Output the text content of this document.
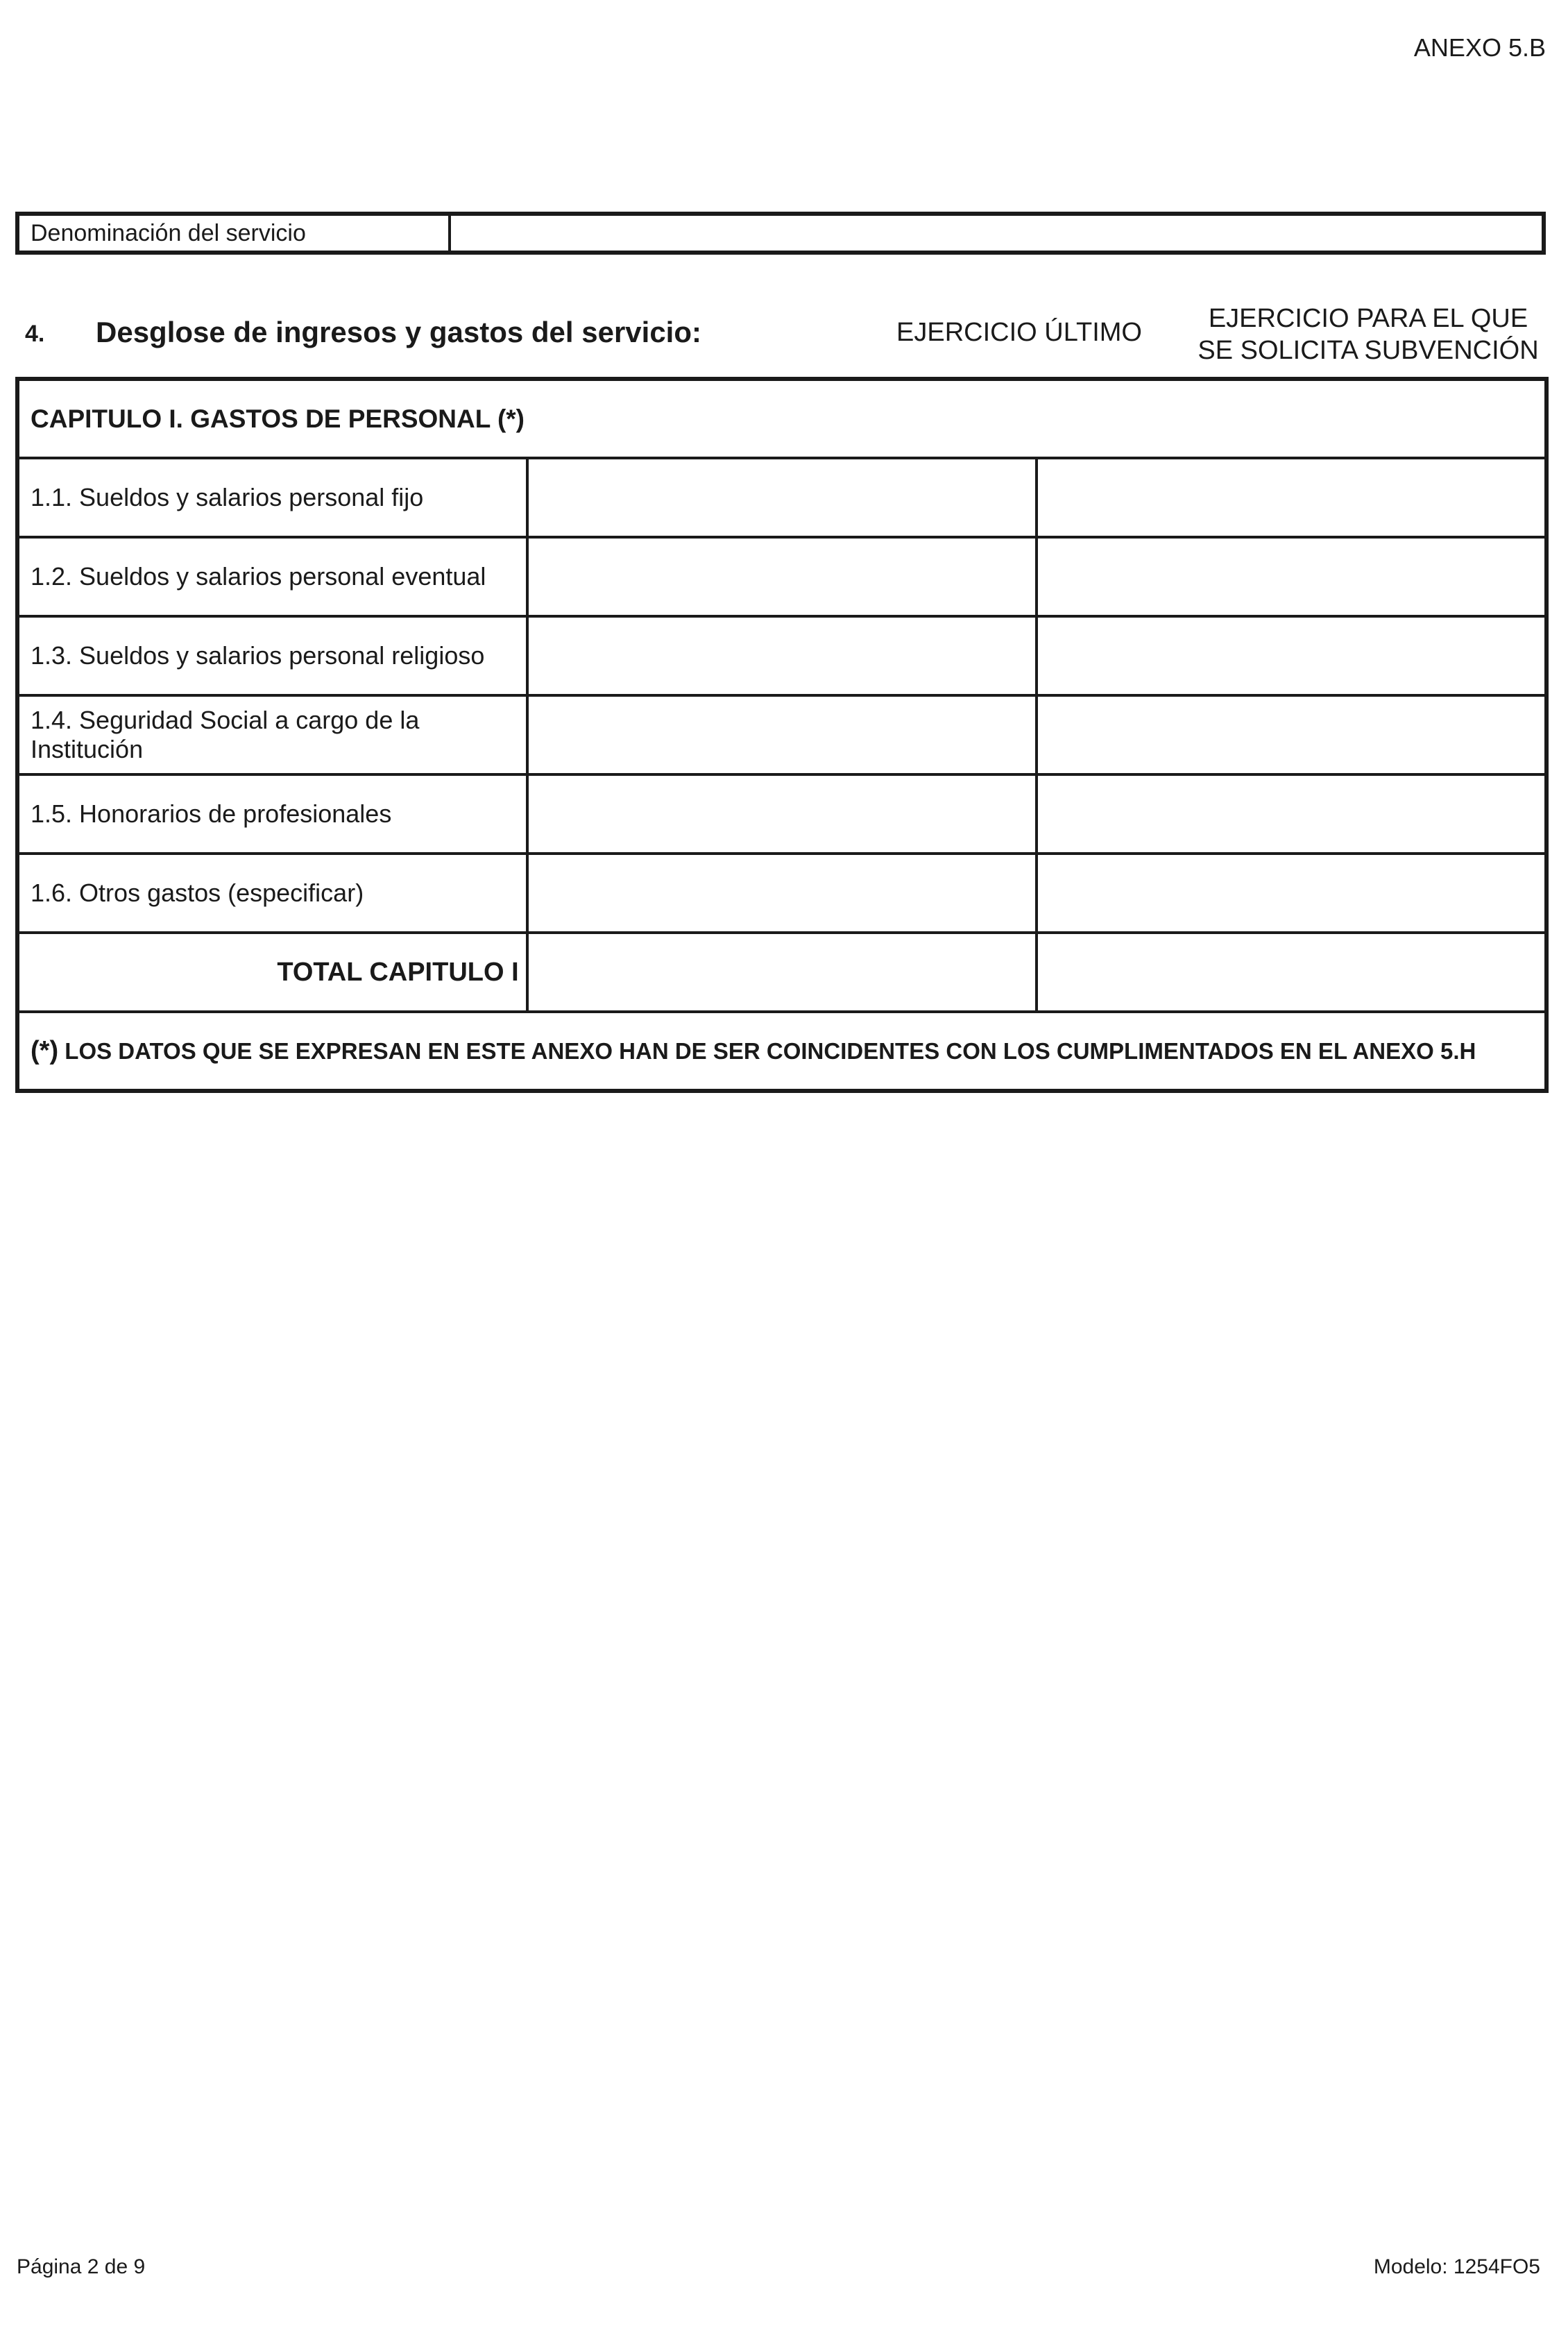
ANEXO 5.B
Denominación del servicio
4. Desglose de ingresos y gastos del servicio:	EJERCICIO ÚLTIMO	EJERCICIO PARA EL QUE
SE SOLICITA SUBVENCIÓN
CAPITULO I. GASTOS DE PERSONAL (*)		
1.1. Sueldos y salarios personal fijo		
1.2. Sueldos y salarios personal eventual		
1.3. Sueldos y salarios personal religioso		
1.4. Seguridad Social a cargo de la Institución		
1.5. Honorarios de profesionales		
1.6. Otros gastos (especificar)		
TOTAL CAPITULO I		
(*) LOS DATOS QUE SE EXPRESAN EN ESTE ANEXO HAN DE SER COINCIDENTES CON LOS CUMPLIMENTADOS EN EL ANEXO 5.H		
Página 2 de 9	Modelo: 1254FO5
